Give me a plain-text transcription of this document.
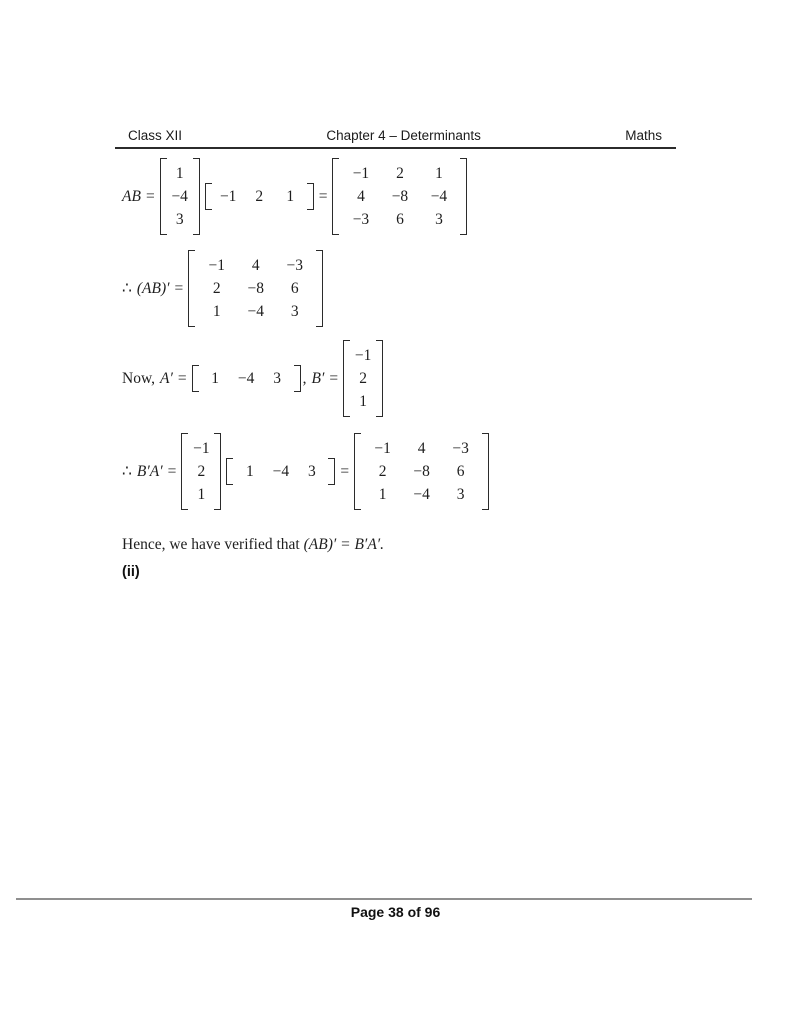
Class XII	Chapter 4 – Determinants	Maths
AB =
1
−4
3
−1	2	1	=
−1	2	1
4	−8	−4
−3	6	3
∴ (AB)′ =
−1	4	−3
2	−8	6
1	−4	3
Now, A′ =	1	−4	3	, B′ =
−1
2
1
∴ B′A′ =
−1
2
1
1	−4	3	=
−1	4	−3
2	−8	6
1	−4	3
Hence, we have verified that (AB)′ = B′A′.
(ii)
Page 38 of 96
